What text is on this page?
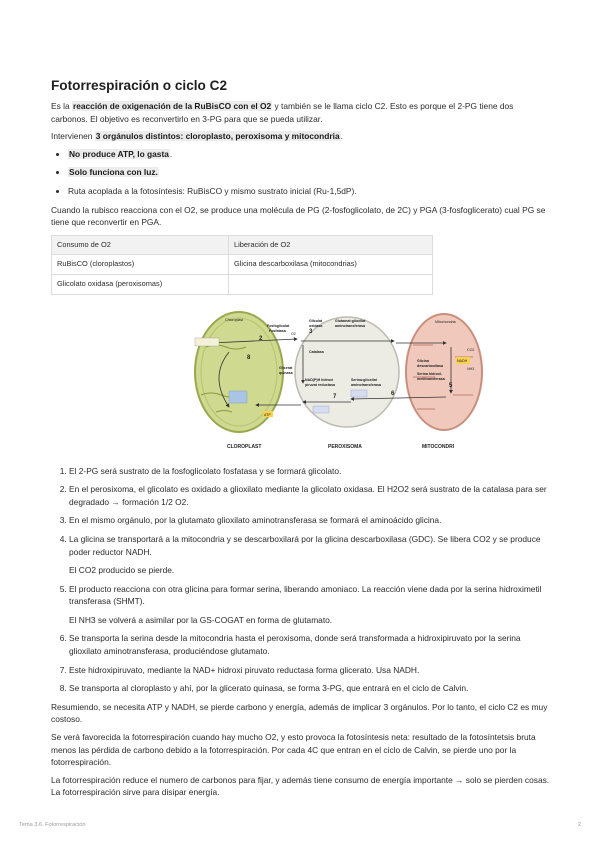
Fotorrespiración o ciclo C2

Es la reacción de oxigenación de la RuBisCO con el O2 y también se le llama ciclo C2. Esto es porque el 2-PG tiene dos carbonos. El objetivo es reconvertirlo en 3-PG para que se pueda utilizar.

Intervienen 3 orgánulos distintos: cloroplasto, peroxisoma y mitocondria.

• No produce ATP, lo gasta.
• Solo funciona con luz.
• Ruta acoplada a la fotosíntesis: RuBisCO y mismo sustrato inicial (Ru-1,5dP).

Cuando la rubisco reacciona con el O2, se produce una molécula de PG (2-fosfoglicolato, de 2C) y PGA (3-fosfoglicerato) cual PG se tiene que reconvertir en PGA.

Consumo de O2	Liberación de O2
RuBisCO (cloroplastos)	Glicina descarboxilasa (mitocondrias)
Glicolato oxidasa (peroxisomas)	
Chloroplast
Fosfoglicolat
Fosfatasa
Glicolat
oxidasa
Glutamat:glioxilat
aminotransferasa
Mitochondria
Catalasa
Glicerat
quinasa
NAD(P)H hidroxi
piruvat reductasa
Serina:glioxilat
aminotransferasa
Glicina
descarboxilasa
Serina hidroxi-
metiltransferasa
ATP
NADH
CO2
NH3
O2
2
3
5
6
7
8
CLOROPLAST	PEROXISOMA	MITOCONDRI
1. El 2-PG será sustrato de la fosfoglicolato fosfatasa y se formará glicolato.
2. En el perosixoma, el glicolato es oxidado a glioxilato mediante la glicolato oxidasa. El H2O2 será sustrato de la catalasa para ser degradado → formación 1/2 O2.
3. En el mismo orgánulo, por la glutamato glioxilato aminotransferasa se formará el aminoácido glicina.
4. La glicina se transportará a la mitocondria y se descarboxilará por la glicina descarboxilasa (GDC). Se libera CO2 y se produce poder reductor NADH.

El CO2 producido se pierde.

5. El producto reacciona con otra glicina para formar serina, liberando amoniaco. La reacción viene dada por la serina hidroximetil transferasa (SHMT).

El NH3 se volverá a asimilar por la GS-COGAT en forma de glutamato.

6. Se transporta la serina desde la mitocondria hasta el peroxisoma, donde será transformada a hidroxipiruvato por la serina glioxilato aminotransferasa, produciéndose glutamato.
7. Este hidroxipiruvato, mediante la NAD+ hidroxi piruvato reductasa forma glicerato. Usa NADH.
8. Se transporta al cloroplasto y ahí, por la glicerato quinasa, se forma 3-PG, que entrará en el ciclo de Calvin.

Resumiendo, se necesita ATP y NADH, se pierde carbono y energía, además de implicar 3 orgánulos. Por lo tanto, el ciclo C2 es muy costoso.

Se verá favorecida la fotorrespiración cuando hay mucho O2, y esto provoca la fotosíntesis neta: resultado de la fotosíntetsis bruta menos las pérdida de carbono debido a la fotorrespiración. Por cada 4C que entran en el ciclo de Calvin, se pierde uno por la fotorrespiración.

La fotorrespiración reduce el numero de carbonos para fijar, y además tiene consumo de energía importante → solo se pierden cosas. La fotorrespiración sirve para disipar energía.

Tema 3.6. Fotorrespiración	2
